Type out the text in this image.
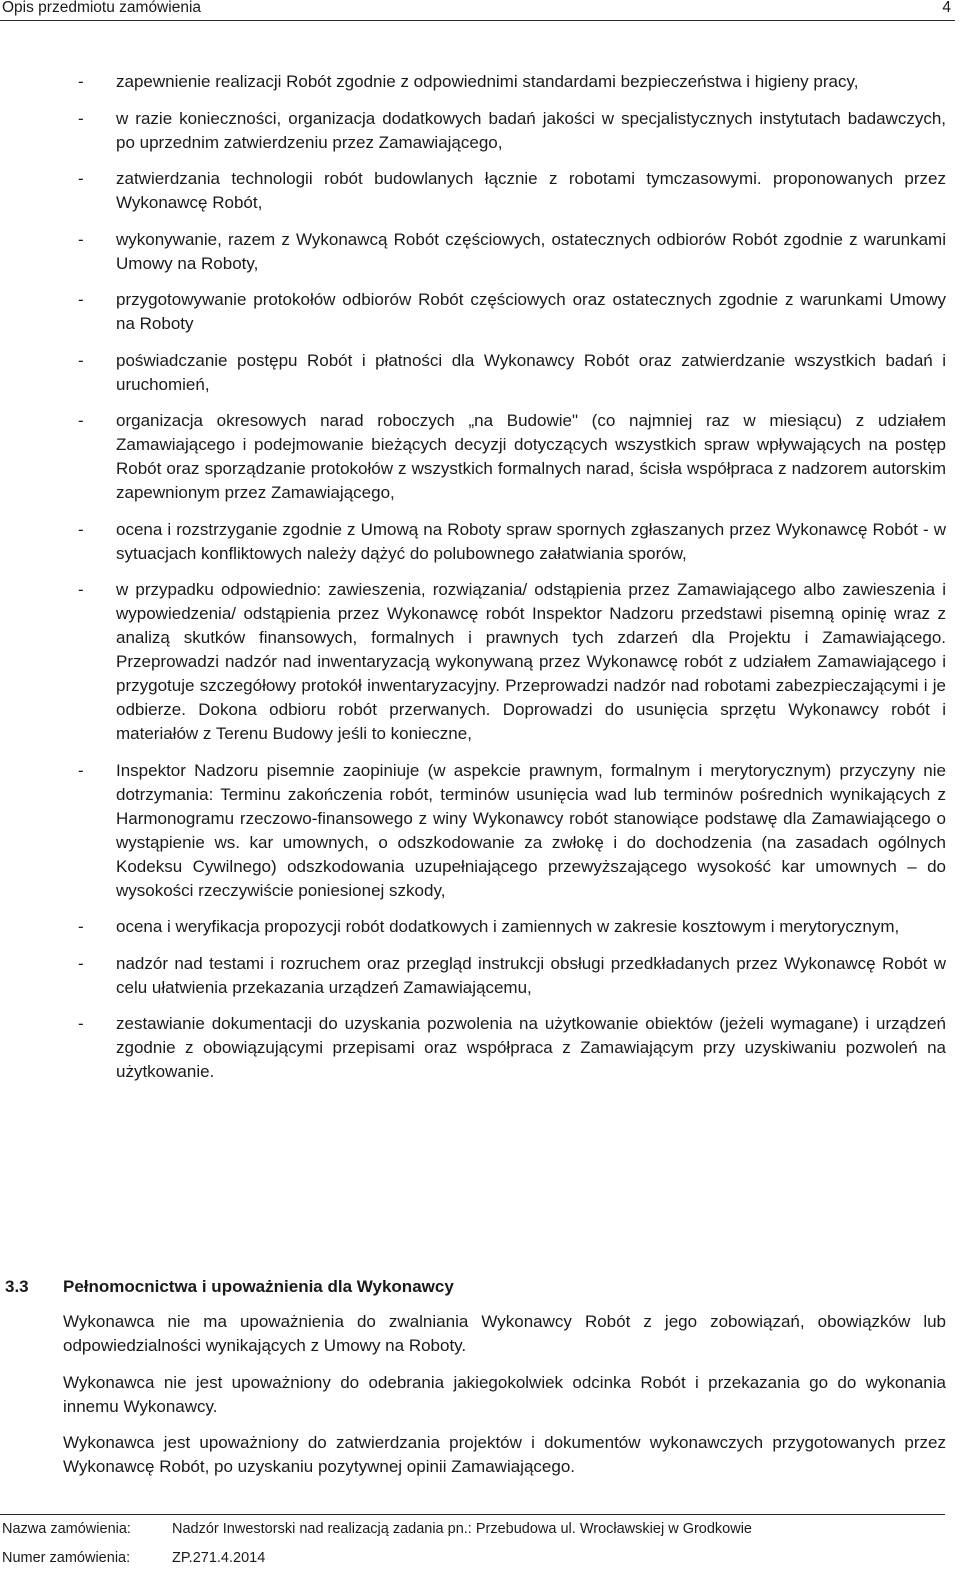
Opis przedmiotu zamówienia	4
- zapewnienie realizacji Robót zgodnie z odpowiednimi standardami bezpieczeństwa i higieny pracy,
- w razie konieczności, organizacja dodatkowych badań jakości w specjalistycznych instytutach badawczych, po uprzednim zatwierdzeniu przez Zamawiającego,
- zatwierdzania technologii robót budowlanych łącznie z robotami tymczasowymi. proponowanych przez Wykonawcę Robót,
- wykonywanie, razem z Wykonawcą Robót częściowych, ostatecznych odbiorów Robót zgodnie z warunkami Umowy na Roboty,
- przygotowywanie protokołów odbiorów Robót częściowych oraz ostatecznych zgodnie z warunkami Umowy na Roboty
- poświadczanie postępu Robót i płatności dla Wykonawcy Robót oraz zatwierdzanie wszystkich badań i uruchomień,
- organizacja okresowych narad roboczych „na Budowie" (co najmniej raz w miesiącu) z udziałem Zamawiającego i podejmowanie bieżących decyzji dotyczących wszystkich spraw wpływających na postęp Robót oraz sporządzanie protokołów z wszystkich formalnych narad, ścisła współpraca z nadzorem autorskim zapewnionym przez Zamawiającego,
- ocena i rozstrzyganie zgodnie z Umową na Roboty spraw spornych zgłaszanych przez Wykonawcę Robót - w sytuacjach konfliktowych należy dążyć do polubownego załatwiania sporów,
- w przypadku odpowiednio: zawieszenia, rozwiązania/ odstąpienia przez Zamawiającego albo zawieszenia i wypowiedzenia/ odstąpienia przez Wykonawcę robót Inspektor Nadzoru przedstawi pisemną opinię wraz z analizą skutków finansowych, formalnych i prawnych tych zdarzeń dla Projektu i Zamawiającego. Przeprowadzi nadzór nad inwentaryzacją wykonywaną przez Wykonawcę robót z udziałem Zamawiającego i przygotuje szczegółowy protokół inwentaryzacyjny. Przeprowadzi nadzór nad robotami zabezpieczającymi i je odbierze. Dokona odbioru robót przerwanych. Doprowadzi do usunięcia sprzętu Wykonawcy robót i materiałów z Terenu Budowy jeśli to konieczne,
- Inspektor Nadzoru pisemnie zaopiniuje (w aspekcie prawnym, formalnym i merytorycznym) przyczyny nie dotrzymania: Terminu zakończenia robót, terminów usunięcia wad lub terminów pośrednich wynikających z Harmonogramu rzeczowo-finansowego z winy Wykonawcy robót stanowiące podstawę dla Zamawiającego o wystąpienie ws. kar umownych, o odszkodowanie za zwłokę i do dochodzenia (na zasadach ogólnych Kodeksu Cywilnego) odszkodowania uzupełniającego przewyższającego wysokość kar umownych – do wysokości rzeczywiście poniesionej szkody,
- ocena i weryfikacja propozycji robót dodatkowych i zamiennych w zakresie kosztowym i merytorycznym,
- nadzór nad testami i rozruchem oraz przegląd instrukcji obsługi przedkładanych przez Wykonawcę Robót w celu ułatwienia przekazania urządzeń Zamawiającemu,
- zestawianie dokumentacji do uzyskania pozwolenia na użytkowanie obiektów (jeżeli wymagane) i urządzeń zgodnie z obowiązującymi przepisami oraz współpraca z Zamawiającym przy uzyskiwaniu pozwoleń na użytkowanie.
3.3 Pełnomocnictwa i upoważnienia dla Wykonawcy

Wykonawca nie ma upoważnienia do zwalniania Wykonawcy Robót z jego zobowiązań, obowiązków lub odpowiedzialności wynikających z Umowy na Roboty.

Wykonawca nie jest upoważniony do odebrania jakiegokolwiek odcinka Robót i przekazania go do wykonania innemu Wykonawcy.

Wykonawca jest upoważniony do zatwierdzania projektów i dokumentów wykonawczych przygotowanych przez Wykonawcę Robót, po uzyskaniu pozytywnej opinii Zamawiającego.

Nazwa zamówienia:	Nadzór Inwestorski nad realizacją zadania pn.: Przebudowa ul. Wrocławskiej w Grodkowie
Numer zamówienia:	ZP.271.4.2014
